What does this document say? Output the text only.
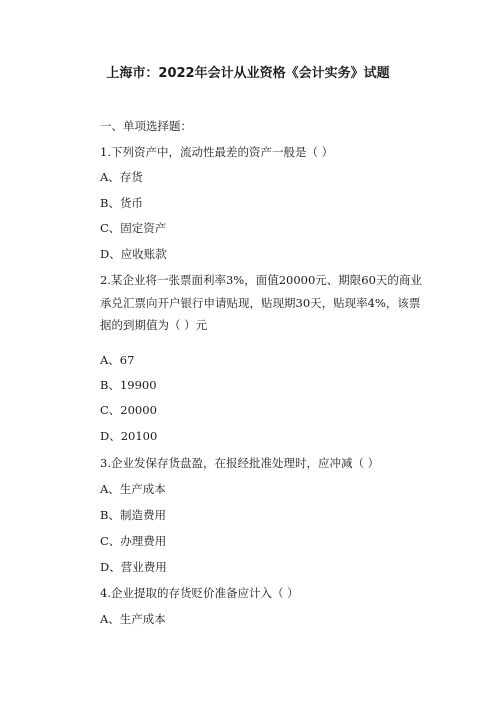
上海市：2022年会计从业资格《会计实务》试题
一、单项选择题：
1.下列资产中，流动性最差的资产一般是（ ）
A、存货
B、货币
C、固定资产
D、应收账款
2.某企业将一张票面利率3%，面值20000元、期限60天的商业承兑汇票向开户银行申请贴现，贴现期30天，贴现率4%，该票据的到期值为（ ）元
A、67
B、19900
C、20000
D、20100
3.企业发保存货盘盈，在报经批准处理时，应冲减（ ）
A、生产成本
B、制造费用
C、办理费用
D、营业费用
4.企业提取的存货贬价准备应计入（ ）
A、生产成本
